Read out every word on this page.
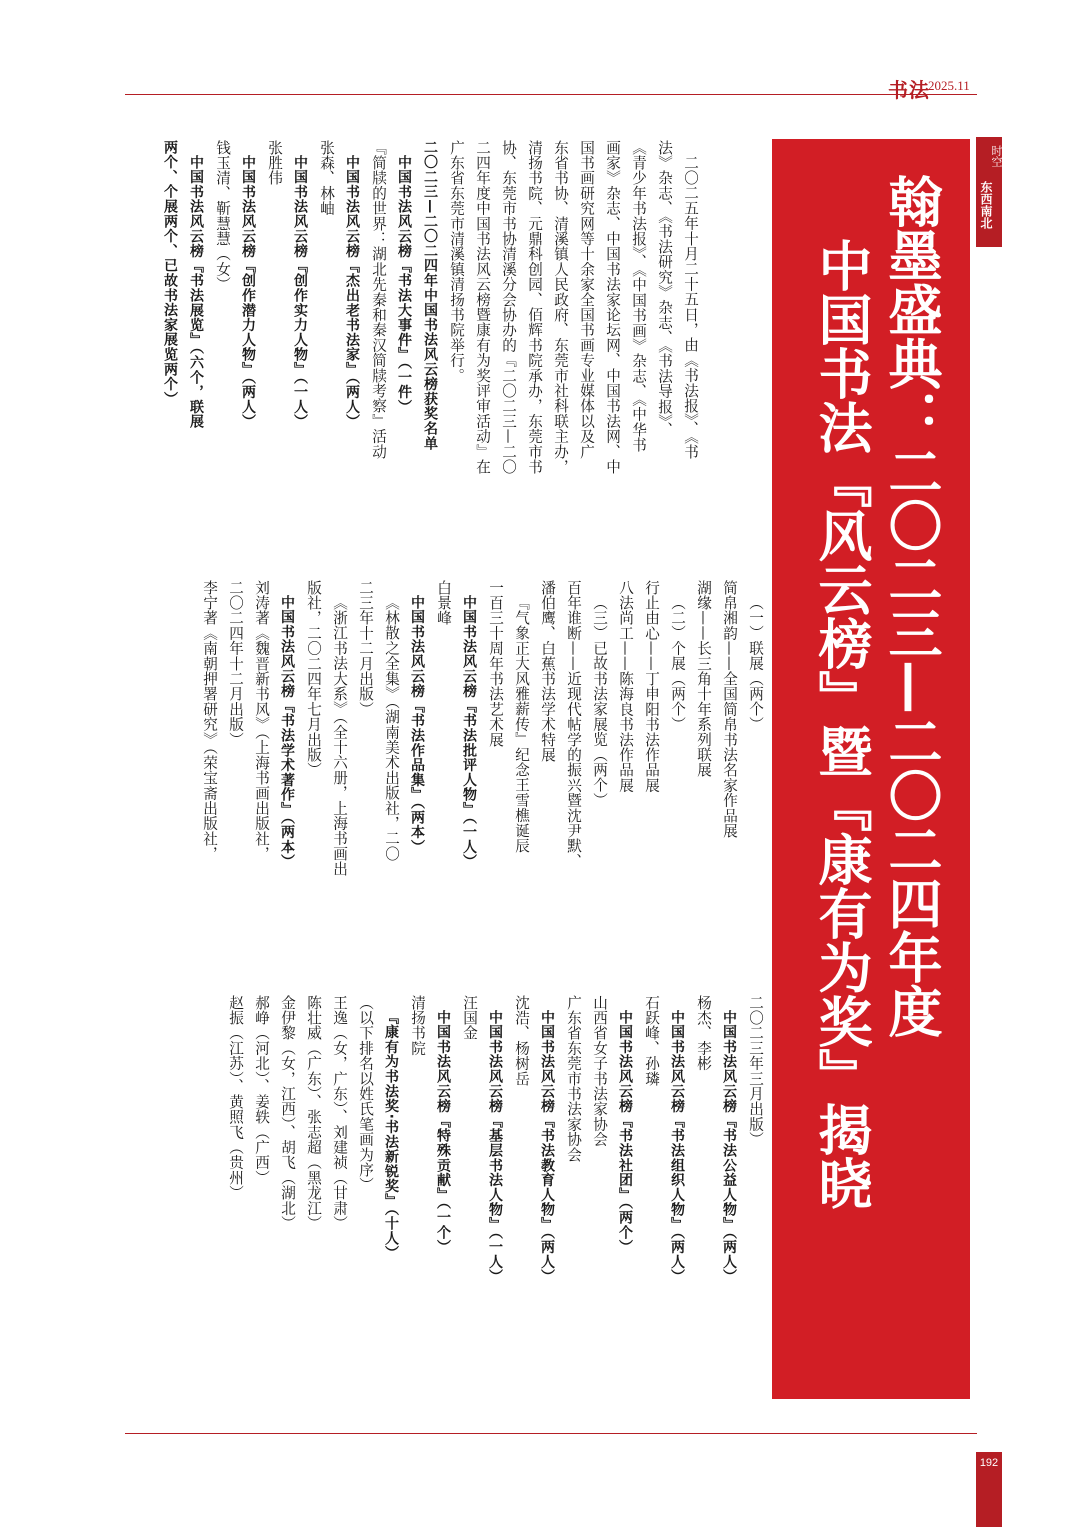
书法
2025.11
时空
东西南北
翰墨盛典：二〇二三—二〇二四年度
中国书法『风云榜』暨『康有为奖』揭晓

二〇二五年十月二十五日，由《书法报》、《书

法》杂志、《书法研究》杂志、《书法导报》、

《青少年书法报》、《中国书画》杂志、《中华书

画家》杂志、中国书法家论坛网、中国书法网、中

国书画研究网等十余家全国书画专业媒体以及广

东省书协、清溪镇人民政府、东莞市社科联主办，

清扬书院、元鼎科创园、佰辉书院承办，东莞市书

协、东莞市书协清溪分会协办的『二〇二三—二〇

二四年度中国书法风云榜暨康有为奖评审活动』在

广东省东莞市清溪镇清扬书院举行。

二〇二三—二〇二四年中国书法风云榜获奖名单

中国书法风云榜『书法大事件』（一件）

『简牍的世界：湖北先秦和秦汉简牍考察』活动

中国书法风云榜『杰出老书法家』（两人）

张森、林岫

中国书法风云榜『创作实力人物』（一人）

张胜伟

中国书法风云榜『创作潜力人物』（两人）

钱玉清、靳慧慧（女）

中国书法风云榜『书法展览』（六个，联展

两个、个展两个、已故书法家展览两个）

（一）联展（两个）

简帛湘韵——全国简帛书法名家作品展

湖缘——长三角十年系列联展

（二）个展（两个）

行止由心——丁申阳书法作品展

八法尚工——陈海良书法作品展

（三）已故书法家展览（两个）

百年谁断——近现代帖学的振兴暨沈尹默、

潘伯鹰、白蕉书法学术特展

『气象正大风雅薪传』纪念王雪樵诞辰

一百三十周年书法艺术展

中国书法风云榜『书法批评人物』（一人）

白景峰

中国书法风云榜『书法作品集』（两本）

《林散之全集》（湖南美术出版社，二〇

二三年十二月出版）

《浙江书法大系》（全十六册，上海书画出

版社，二〇二四年七月出版）

中国书法风云榜『书法学术著作』（两本）

刘涛著《魏晋新书风》（上海书画出版社，

二〇二四年十二月出版）

李宁著《南朝押署研究》（荣宝斋出版社，

二〇二三年三月出版）

中国书法风云榜『书法公益人物』（两人）

杨杰、李彬

中国书法风云榜『书法组织人物』（两人）

石跃峰、孙璘

中国书法风云榜『书法社团』（两个）

山西省女子书法家协会

广东省东莞市书法家协会

中国书法风云榜『书法教育人物』（两人）

沈浩、杨树岳

中国书法风云榜『基层书法人物』（一人）

汪国金

中国书法风云榜『特殊贡献』（一个）

清扬书院

『康有为书法奖·书法新锐奖』（十人）

（以下排名以姓氏笔画为序）

王逸（女，广东）、刘建祯（甘肃）

陈壮威（广东）、张志超（黑龙江）

金伊黎（女，江西）、胡飞（湖北）

郝峥（河北）、姜轶（广西）

赵振（江苏）、黄照飞（贵州）

192
